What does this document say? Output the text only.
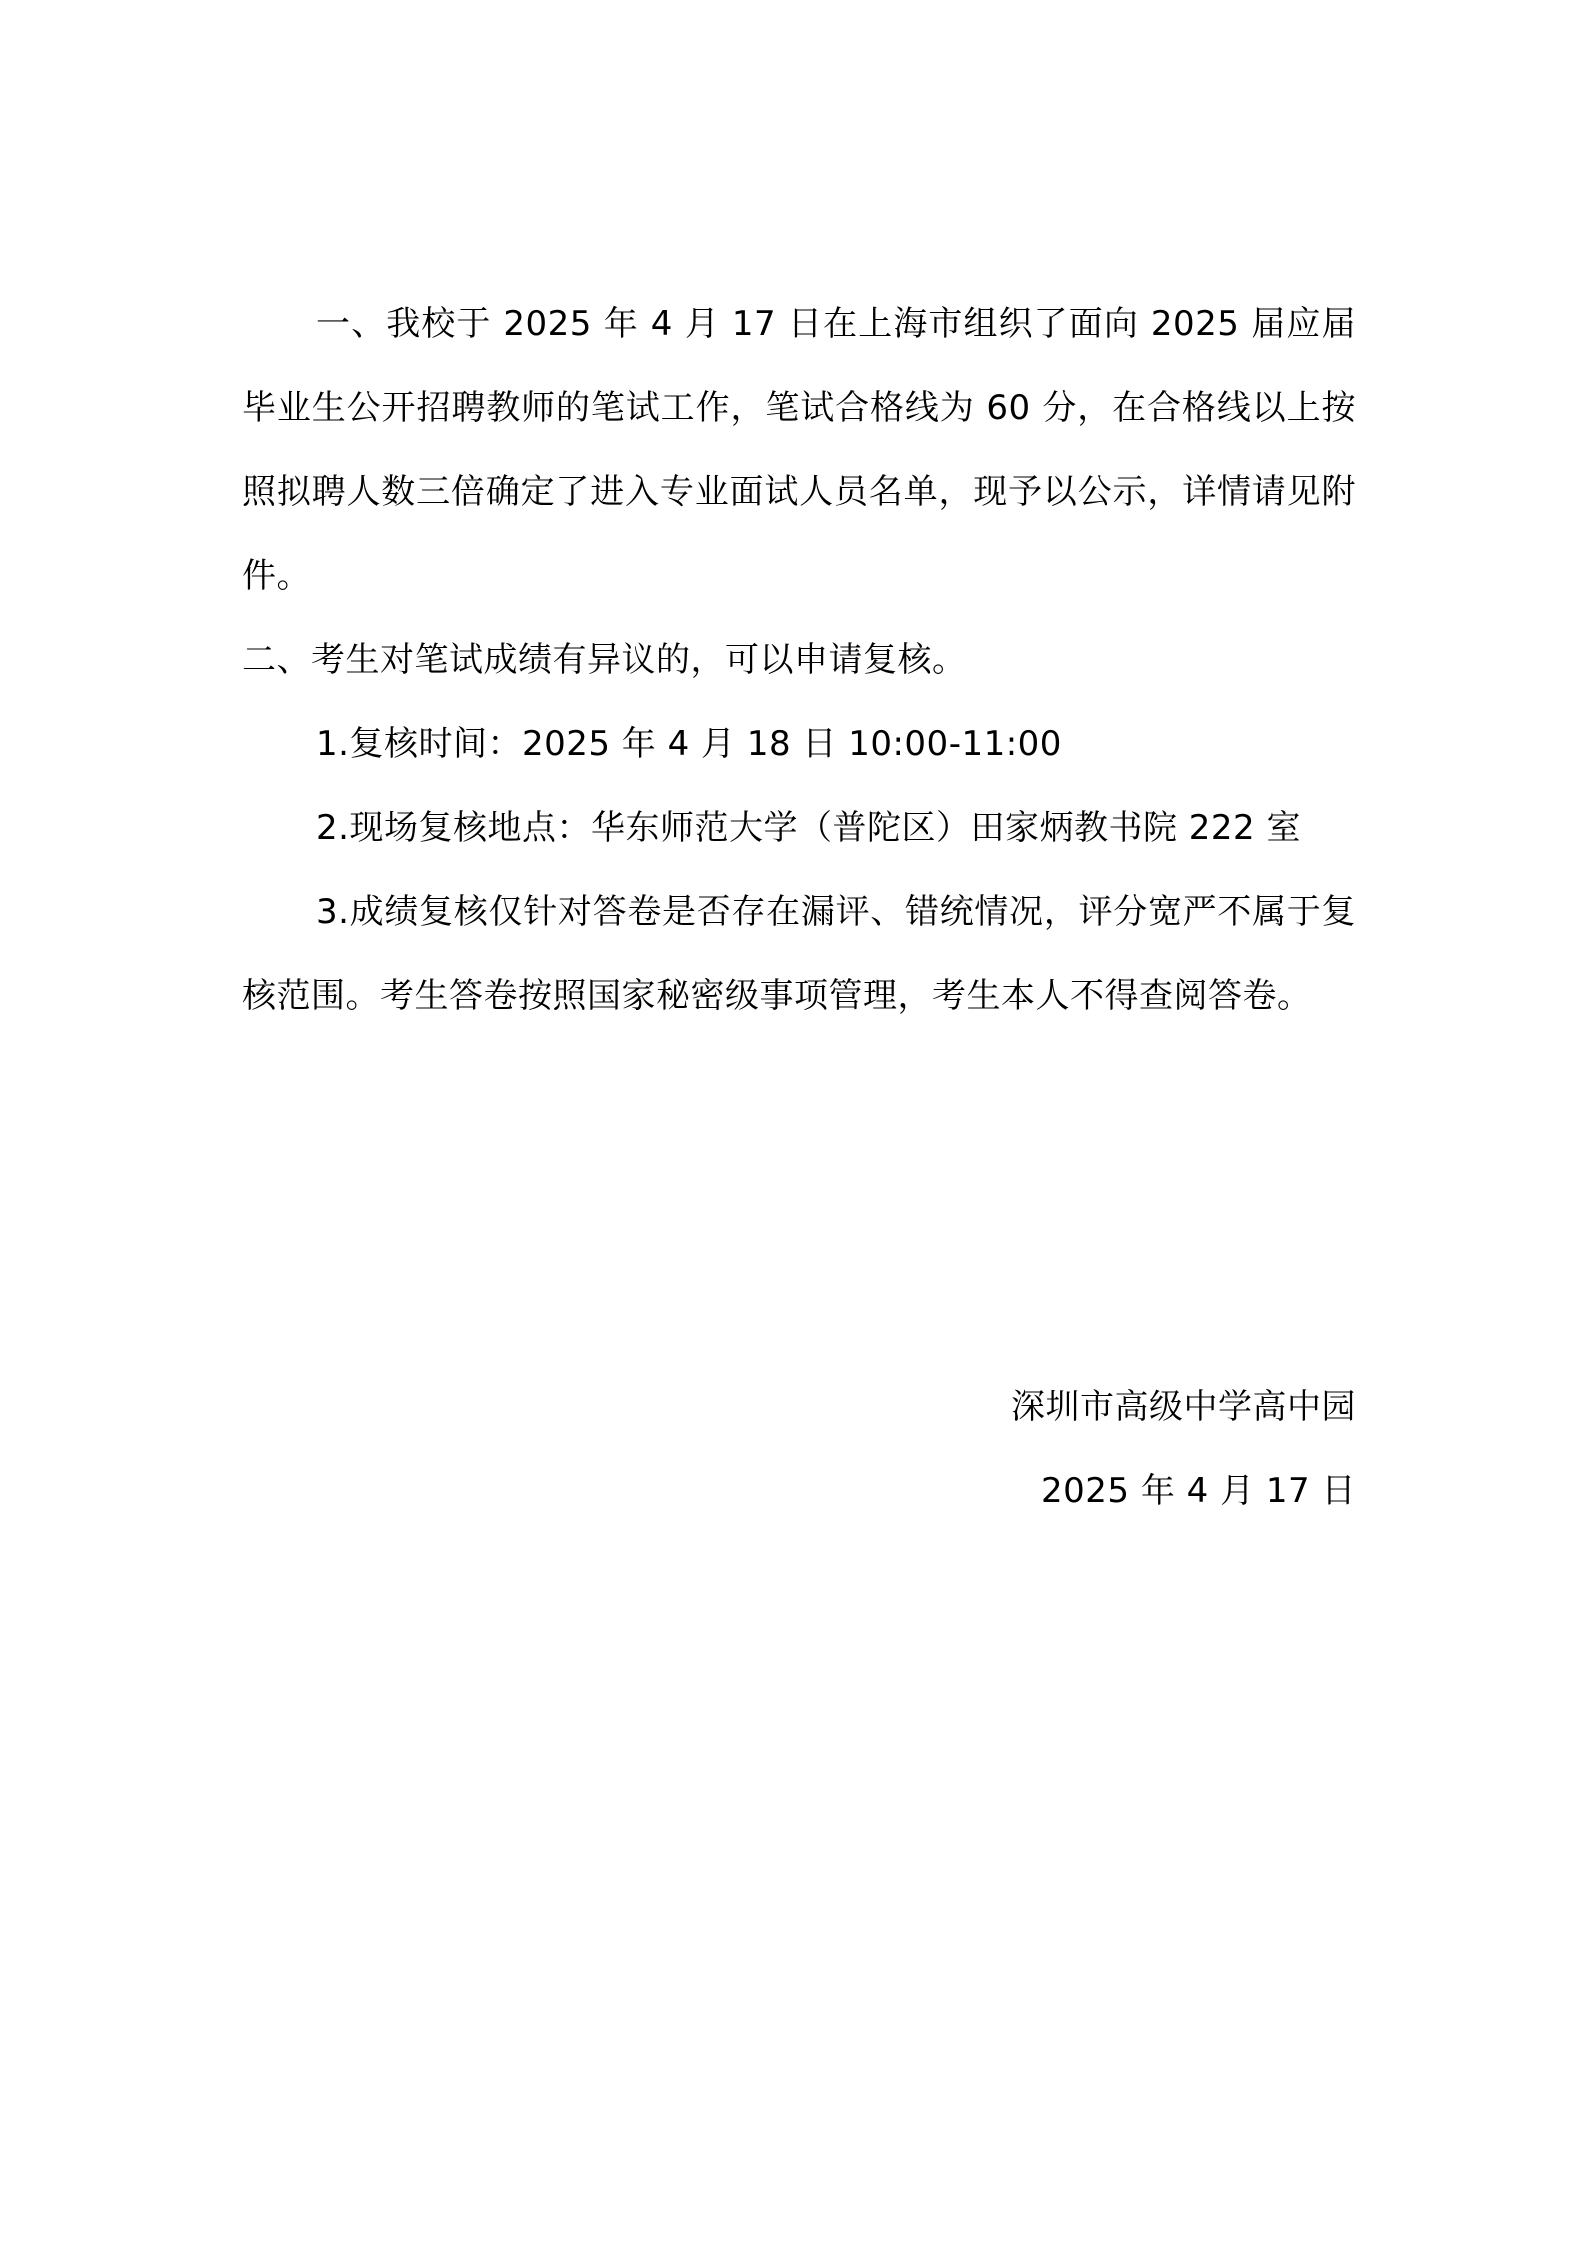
一、我校于 2025 年 4 月 17 日在上海市组织了面向 2025 届应届毕业生公开招聘教师的笔试工作，笔试合格线为 60 分，在合格线以上按照拟聘人数三倍确定了进入专业面试人员名单，现予以公示，详情请见附件。

二、考生对笔试成绩有异议的，可以申请复核。

1.复核时间：2025 年 4 月 18 日 10:00-11:00

2.现场复核地点：华东师范大学（普陀区）田家炳教书院 222 室

3.成绩复核仅针对答卷是否存在漏评、错统情况，评分宽严不属于复核范围。考生答卷按照国家秘密级事项管理，考生本人不得查阅答卷。

深圳市高级中学高中园
2025 年 4 月 17 日
